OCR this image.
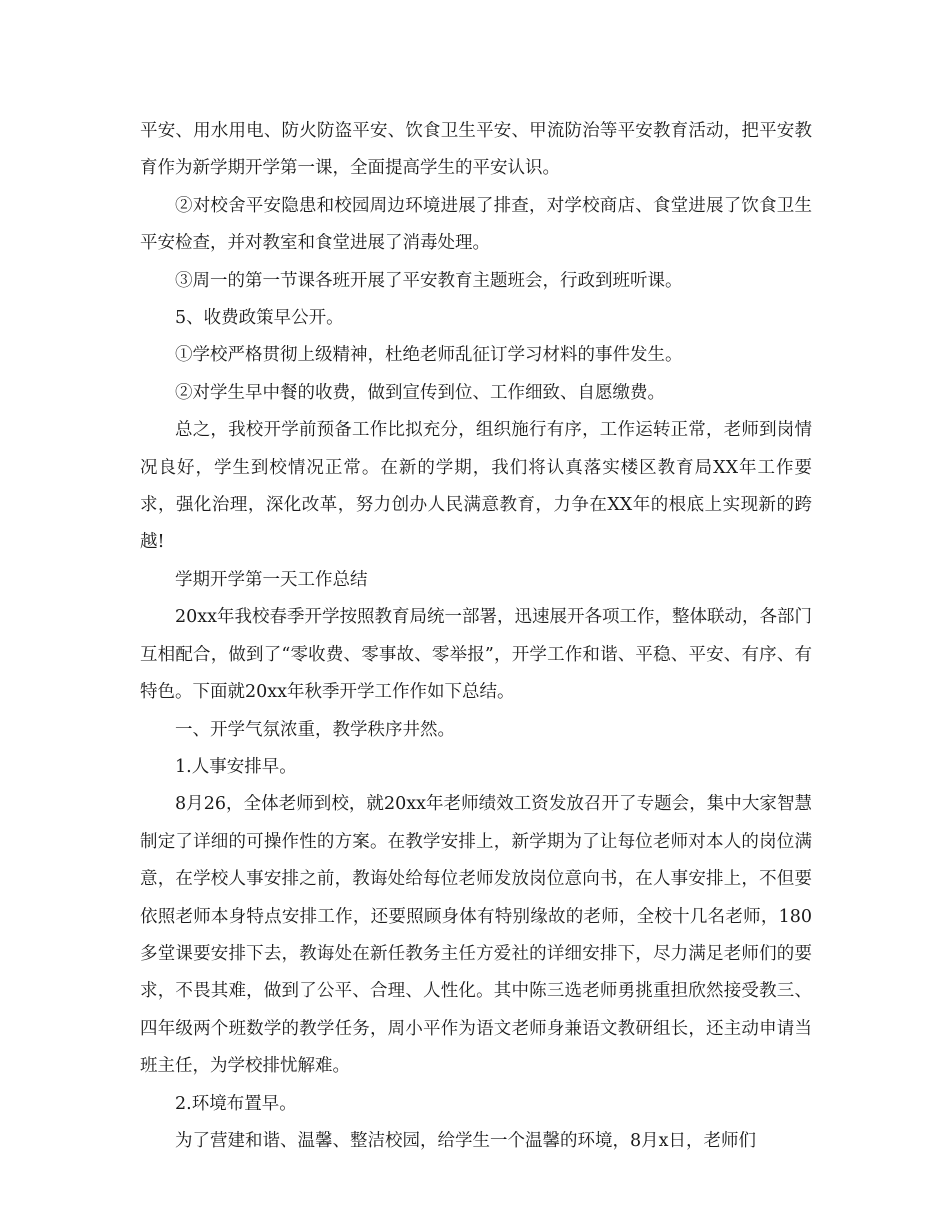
平安、用水用电、防火防盗平安、饮食卫生平安、甲流防治等平安教育活动，把平安教育作为新学期开学第一课，全面提高学生的平安认识。

②对校舍平安隐患和校园周边环境进展了排查，对学校商店、食堂进展了饮食卫生平安检查，并对教室和食堂进展了消毒处理。

③周一的第一节课各班开展了平安教育主题班会，行政到班听课。

5、收费政策早公开。

①学校严格贯彻上级精神，杜绝老师乱征订学习材料的事件发生。

②对学生早中餐的收费，做到宣传到位、工作细致、自愿缴费。

总之，我校开学前预备工作比拟充分，组织施行有序，工作运转正常，老师到岗情况良好，学生到校情况正常。在新的学期，我们将认真落实楼区教育局XX年工作要求，强化治理，深化改革，努力创办人民满意教育，力争在XX年的根底上实现新的跨越!

学期开学第一天工作总结

20xx年我校春季开学按照教育局统一部署，迅速展开各项工作，整体联动，各部门互相配合，做到了“零收费、零事故、零举报”，开学工作和谐、平稳、平安、有序、有特色。下面就20xx年秋季开学工作作如下总结。

一、开学气氛浓重，教学秩序井然。

1.人事安排早。

8月26，全体老师到校，就20xx年老师绩效工资发放召开了专题会，集中大家智慧制定了详细的可操作性的方案。在教学安排上，新学期为了让每位老师对本人的岗位满意，在学校人事安排之前，教诲处给每位老师发放岗位意向书，在人事安排上，不但要依照老师本身特点安排工作，还要照顾身体有特别缘故的老师，全校十几名老师，180多堂课要安排下去，教诲处在新任教务主任方爱社的详细安排下，尽力满足老师们的要求，不畏其难，做到了公平、合理、人性化。其中陈三选老师勇挑重担欣然接受教三、四年级两个班数学的教学任务，周小平作为语文老师身兼语文教研组长，还主动申请当班主任，为学校排忧解难。

2.环境布置早。

为了营建和谐、温馨、整洁校园，给学生一个温馨的环境，8月x日，老师们
